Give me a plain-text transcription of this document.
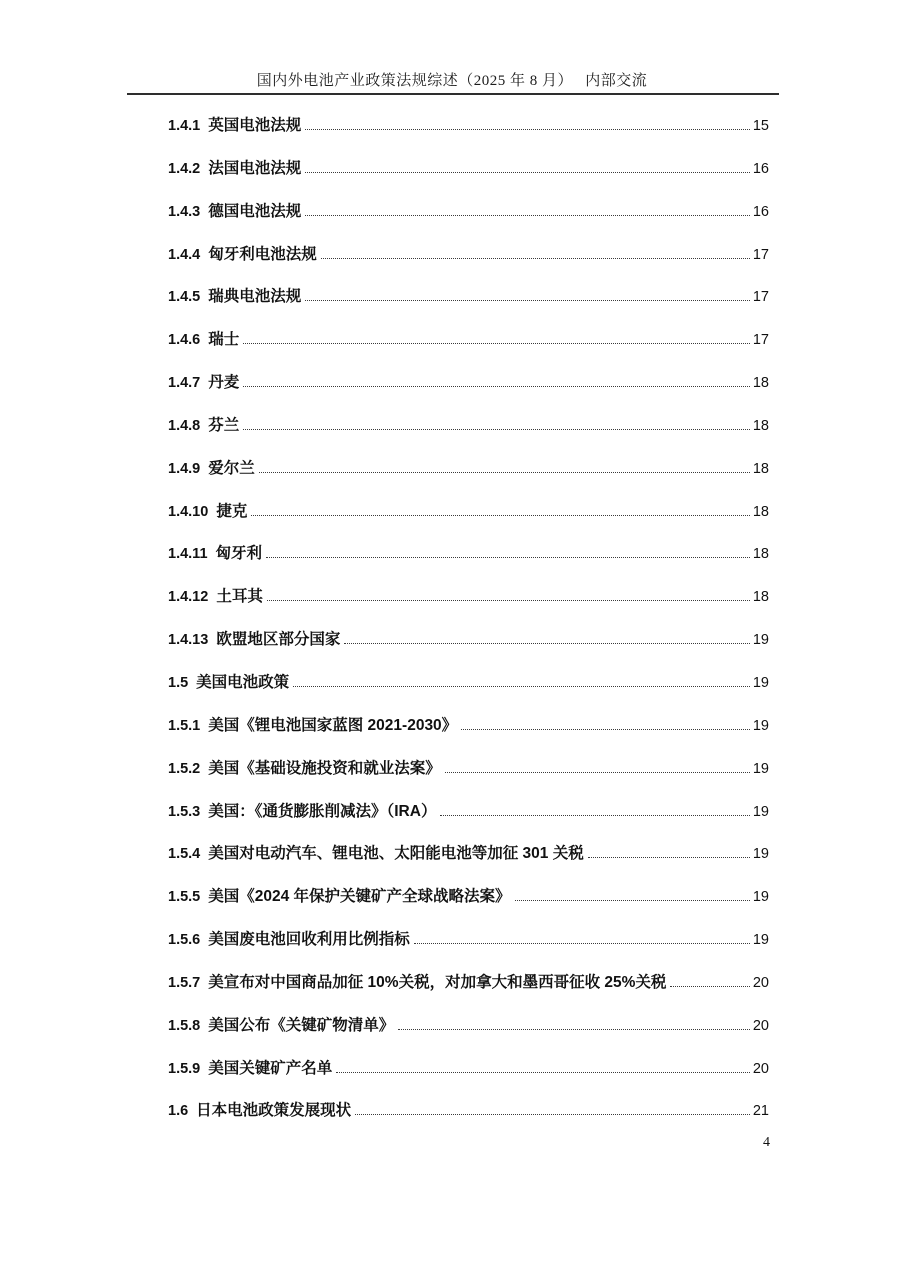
国内外电池产业政策法规综述（2025 年 8 月）　 内部交流
1.4.1 英国电池法规	15
1.4.2 法国电池法规	16
1.4.3 德国电池法规	16
1.4.4 匈牙利电池法规	17
1.4.5 瑞典电池法规	17
1.4.6 瑞士	17
1.4.7 丹麦	18
1.4.8 芬兰	18
1.4.9 爱尔兰	18
1.4.10 捷克	18
1.4.11 匈牙利	18
1.4.12 土耳其	18
1.4.13 欧盟地区部分国家	19
1.5 美国电池政策	19
1.5.1 美国《锂电池国家蓝图 2021-2030》	19
1.5.2 美国《基础设施投资和就业法案》	19
1.5.3 美国：《通货膨胀削减法》（IRA）	19
1.5.4 美国对电动汽车、锂电池、太阳能电池等加征 301 关税	19
1.5.5 美国《2024 年保护关键矿产全球战略法案》	19
1.5.6 美国废电池回收利用比例指标	19
1.5.7 美宣布对中国商品加征 10%关税，对加拿大和墨西哥征收 25%关税	20
1.5.8 美国公布《关键矿物清单》	20
1.5.9 美国关键矿产名单	20
1.6 日本电池政策发展现状	21
4
